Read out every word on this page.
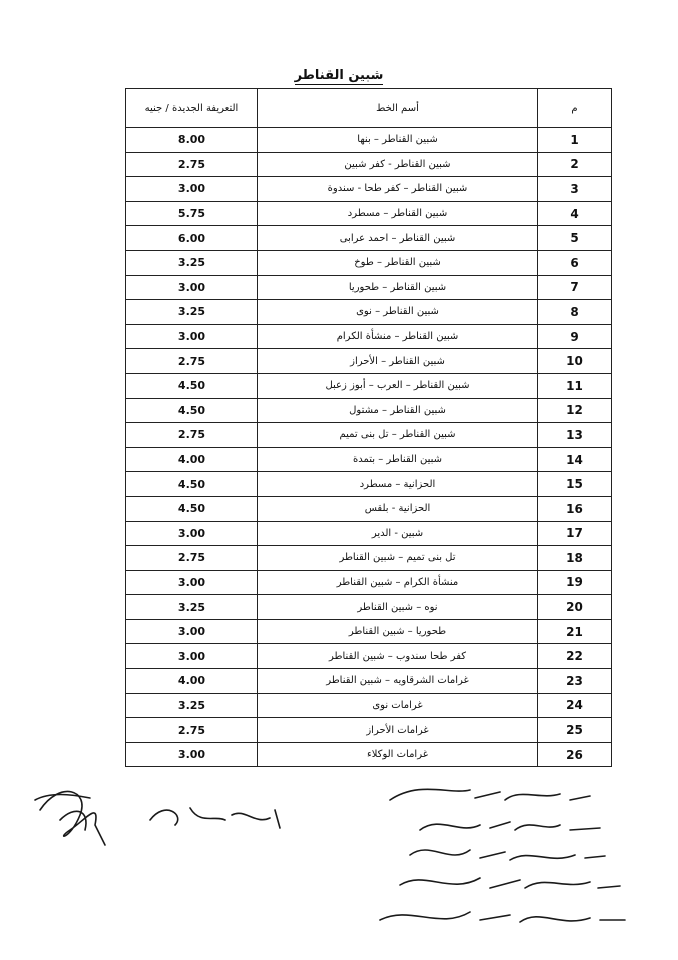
شبين القناطر
م	أسم الخط	التعريفة الجديدة / جنيه
1	شبين القناطر – بنها	8.00
2	شبين القناطر - كفر شبين	2.75
3	شبين القناطر – كفر طحا - سندوة	3.00
4	شبين القناطر – مسطرد	5.75
5	شبين القناطر – احمد عرابى	6.00
6	شبين القناطر – طوخ	3.25
7	شبين القناطر – طحوريا	3.00
8	شبين القناطر – نوى	3.25
9	شبين القناطر – منشأة الكرام	3.00
10	شبين القناطر – الأحراز	2.75
11	شبين القناطر – العرب – أبوز زعبل	4.50
12	شبين القناطر – مشتول	4.50
13	شبين القناطر – تل بنى تميم	2.75
14	شبين القناطر – بتمدة	4.00
15	الحزانية – مسطرد	4.50
16	الحزانية - بلقس	4.50
17	شبين - الدير	3.00
18	تل بنى تميم – شبين القناطر	2.75
19	منشأة الكرام – شبين القناطر	3.00
20	نوه – شبين القناطر	3.25
21	طحوريا – شبين القناطر	3.00
22	كفر طحا سندوب – شبين القناطر	3.00
23	غرامات الشرقاويه – شبين القناطر	4.00
24	غرامات نوى	3.25
25	غرامات الأحراز	2.75
26	غرامات الوكلاء	3.00
